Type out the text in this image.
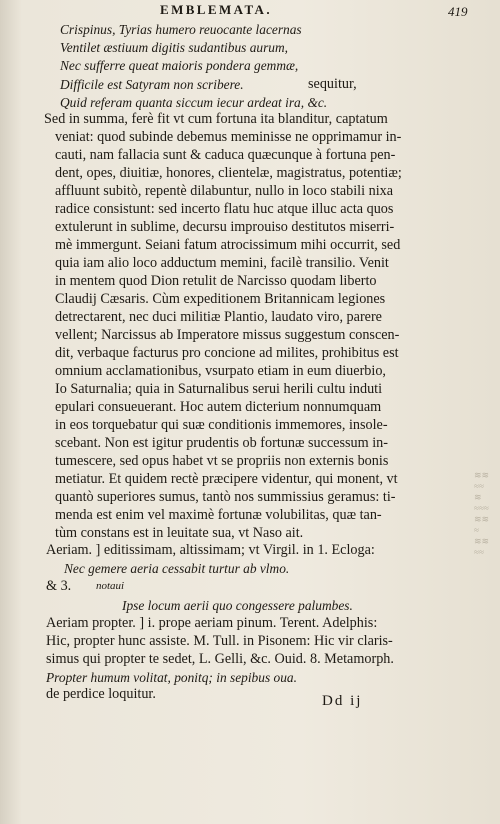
EMBLEMATA.	419
Crispinus, Tyrias humero reuocante lacernas
Ventilet æstiuum digitis sudantibus aurum,
Nec sufferre queat maioris pondera gemmæ,
Difficile est Satyram non scribere.	sequitur,
Quid referam quanta siccum iecur ardeat ira, &c.
Sed in summa, ferè fit vt cum fortuna ita blanditur, captatum
veniat: quod subinde debemus meminisse ne opprimamur in-
cauti, nam fallacia sunt & caduca quæcunque à fortuna pen-
dent, opes, diuitiæ, honores, clientelæ, magistratus, potentiæ;
affluunt subitò, repentè dilabuntur, nullo in loco stabili nixa
radice consistunt: sed incerto flatu huc atque illuc acta quos
extulerunt in sublime, decursu improuiso destitutos miserri-
mè immergunt. Seiani fatum atrocissimum mihi occurrit, sed
quia iam alio loco adductum memini, facilè transilio. Venit
in mentem quod Dion retulit de Narcisso quodam liberto
Claudij Cæsaris. Cùm expeditionem Britannicam legiones
detrectarent, nec duci militiæ Plantio, laudato viro, parere
vellent; Narcissus ab Imperatore missus suggestum conscen-
dit, verbaque facturus pro concione ad milites, prohibitus est
omnium acclamationibus, vsurpato etiam in eum diuerbio,
Io Saturnalia; quia in Saturnalibus serui herili cultu induti
epulari consueuerant. Hoc autem dicterium nonnumquam
in eos torquebatur qui suæ conditionis immemores, insole-
scebant. Non est igitur prudentis ob fortunæ successum in-
tumescere, sed opus habet vt se propriis non externis bonis
metiatur. Et quidem rectè præcipere videntur, qui monent, vt
quantò superiores sumus, tantò nos summissius geramus: ti-
menda est enim vel maximè fortunæ volubilitas, quæ tan-
tùm constans est in leuitate sua, vt Naso ait.
Aeriam. ] editissimam, altissimam; vt Virgil. in 1. Ecloga:
Nec gemere aeria cessabit turtur ab vlmo.
& 3. notaui
Ipse locum aerii quo congessere palumbes.
Aeriam propter. ] i. prope aeriam pinum. Terent. Adelphis:
Hic, propter hunc assiste. M. Tull. in Pisonem: Hic vir claris-
simus qui propter te sedet, L. Gelli, &c. Ouid. 8. Metamorph.
Propter humum volitat, ponitq; in sepibus oua.
de perdice loquitur.	Dd ij
≋≋
≈≈
≋
≈≈≈
≋≋
≈
≋≋
≈≈
